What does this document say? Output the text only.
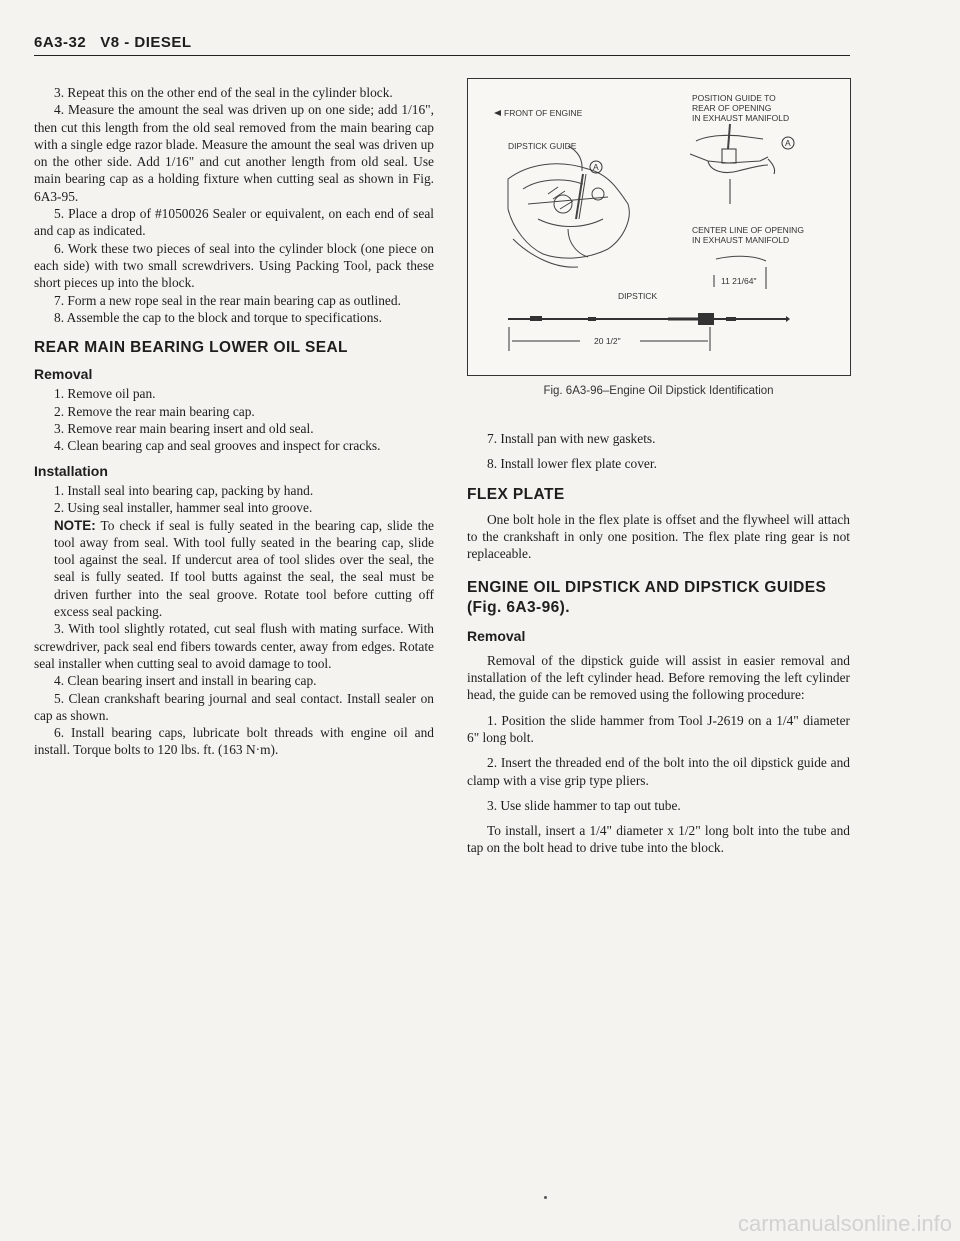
6A3-32 V8 - DIESEL

3. Repeat this on the other end of the seal in the cylinder block.

4. Measure the amount the seal was driven up on one side; add 1/16", then cut this length from the old seal removed from the main bearing cap with a single edge razor blade. Measure the amount the seal was driven up on the other side. Add 1/16" and cut another length from old seal. Use main bearing cap as a holding fixture when cutting seal as shown in Fig. 6A3-95.

5. Place a drop of #1050026 Sealer or equivalent, on each end of seal and cap as indicated.

6. Work these two pieces of seal into the cylinder block (one piece on each side) with two small screwdrivers. Using Packing Tool, pack these short pieces up into the block.

7. Form a new rope seal in the rear main bearing cap as outlined.

8. Assemble the cap to the block and torque to specifications.

REAR MAIN BEARING LOWER OIL SEAL
Removal

1. Remove oil pan.

2. Remove the rear main bearing cap.

3. Remove rear main bearing insert and old seal.

4. Clean bearing cap and seal grooves and inspect for cracks.

Installation

1. Install seal into bearing cap, packing by hand.

2. Using seal installer, hammer seal into groove.

NOTE: To check if seal is fully seated in the bearing cap, slide the tool away from seal. With tool fully seated in the bearing cap, slide tool against the seal. If undercut area of tool slides over the seal, the seal is fully seated. If tool butts against the seal, the seal must be driven further into the seal groove. Rotate tool before cutting off excess seal packing.

3. With tool slightly rotated, cut seal flush with mating surface. With screwdriver, pack seal end fibers towards center, away from edges. Rotate seal installer when cutting seal to avoid damage to tool.

4. Clean bearing insert and install in bearing cap.

5. Clean crankshaft bearing journal and seal contact. Install sealer on cap as shown.

6. Install bearing caps, lubricate bolt threads with engine oil and install. Torque bolts to 120 lbs. ft. (163 N·m).

FRONT OF ENGINE
POSITION GUIDE TO
REAR OF OPENING
IN EXHAUST MANIFOLD
DIPSTICK GUIDE
A
A
CENTER LINE OF OPENING
IN EXHAUST MANIFOLD
11 21/64"
DIPSTICK
20 1/2"
Fig. 6A3-96–Engine Oil Dipstick Identification

7. Install pan with new gaskets.

8. Install lower flex plate cover.

FLEX PLATE

One bolt hole in the flex plate is offset and the flywheel will attach to the crankshaft in only one position. The flex plate ring gear is not replaceable.

ENGINE OIL DIPSTICK AND DIPSTICK GUIDES (Fig. 6A3-96).
Removal

Removal of the dipstick guide will assist in easier removal and installation of the left cylinder head. Before removing the left cylinder head, the guide can be removed using the following procedure:

1. Position the slide hammer from Tool J-2619 on a 1/4" diameter 6" long bolt.

2. Insert the threaded end of the bolt into the oil dipstick guide and clamp with a vise grip type pliers.

3. Use slide hammer to tap out tube.

To install, insert a 1/4" diameter x 1/2" long bolt into the tube and tap on the bolt head to drive tube into the block.

carmanualsonline.info
